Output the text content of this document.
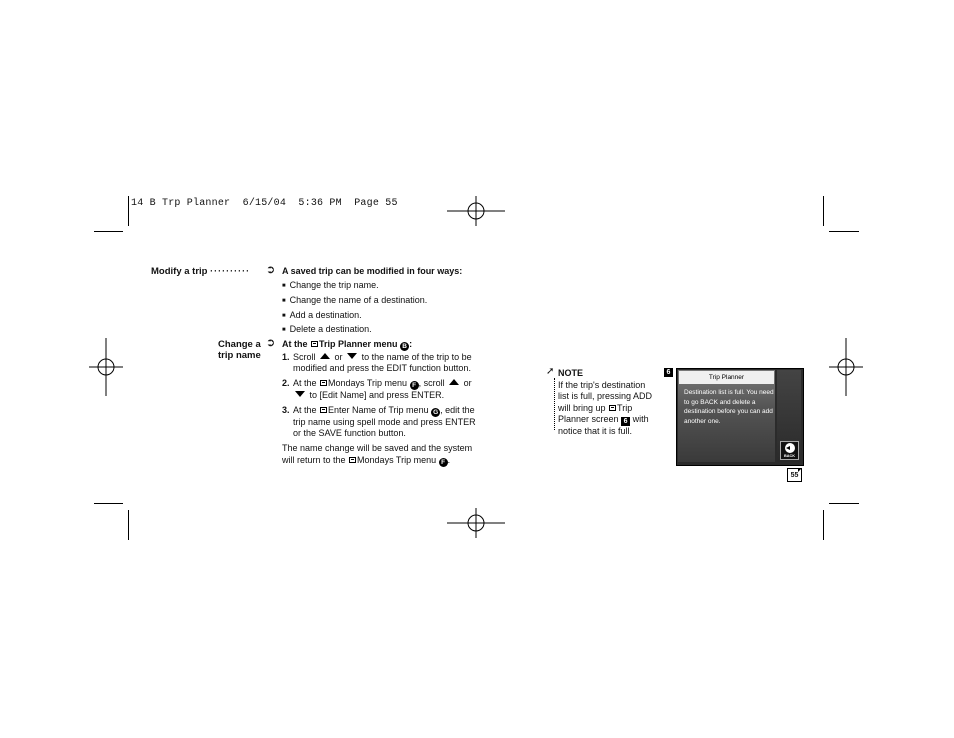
14 B Trp Planner  6/15/04  5:36 PM  Page 55
Modify a trip ·········· ➲ A saved trip can be modified in four ways:
■ Change the trip name.
■ Change the name of a destination.
■ Add a destination.
■ Delete a destination.
Change a
trip name
➲ At the Trip Planner menu B :
1. Scroll or to the name of the trip to be modified and press the EDIT function button.
2. At the Mondays Trip menu F , scroll or  to [Edit Name] and press ENTER.
3. At the Enter Name of Trip menu G , edit the trip name using spell mode and press ENTER or the SAVE function button.
The name change will be saved and the system will return to the Mondays Trip menu F .
➚ NOTE
If the trip's destination list is full, pressing ADD will bring up Trip Planner screen 6 with notice that it is full.
6
Trip Planner
Destination list is full. You need to go BACK and delete a destination before you can add another one.
BACK
55
